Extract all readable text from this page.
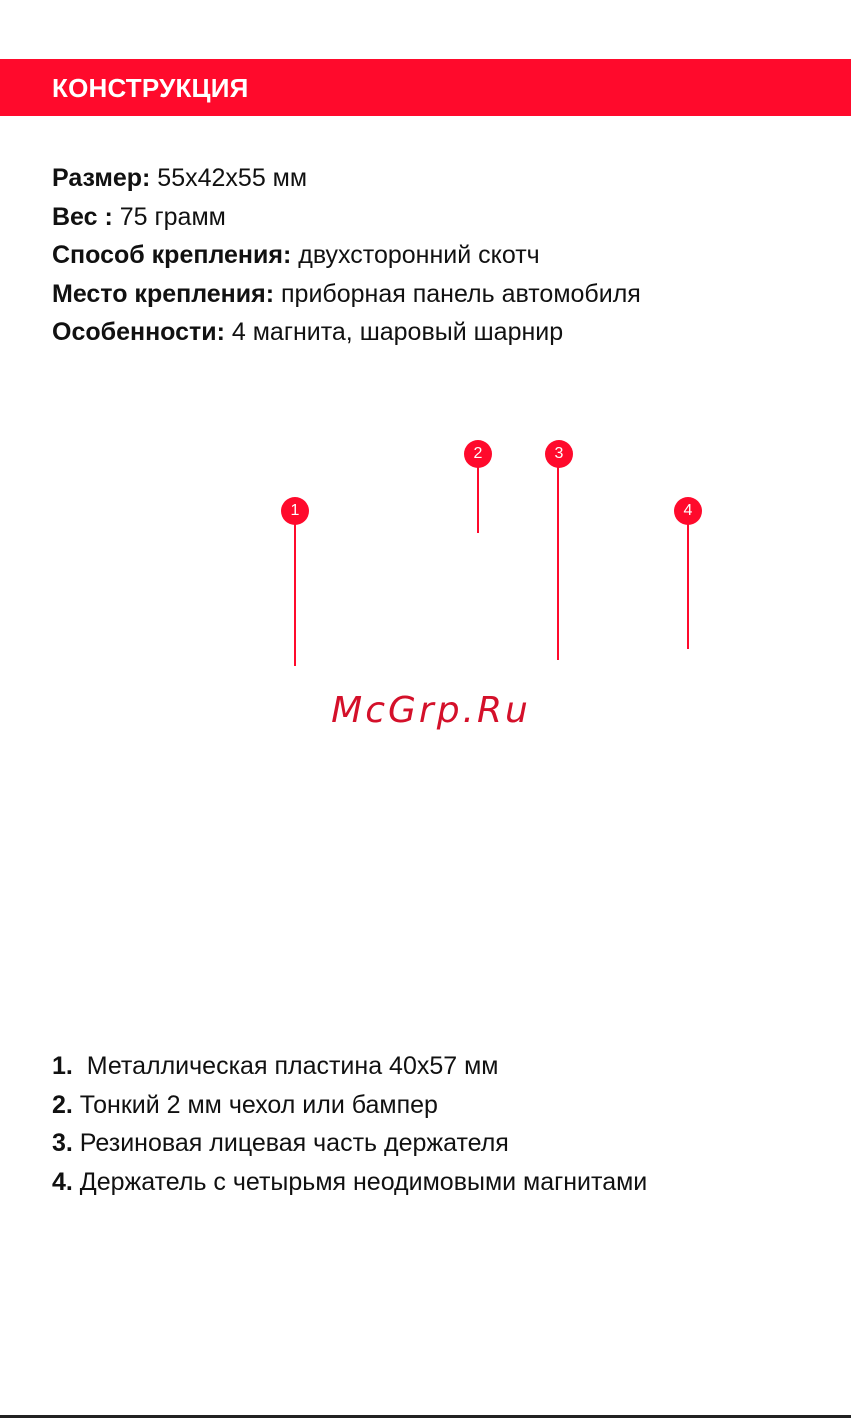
КОНСТРУКЦИЯ
Размер: 55x42x55 мм
Вес : 75 грамм
Способ крепления: двухсторонний скотч
Место крепления: приборная панель автомобиля
Особенности: 4 магнита, шаровый шарнир
1
2	3
4
McGrp.Ru
1.  Металлическая пластина 40x57 мм
2. Тонкий 2 мм чехол или бампер
3. Резиновая лицевая часть держателя
4. Держатель с четырьмя неодимовыми магнитами
